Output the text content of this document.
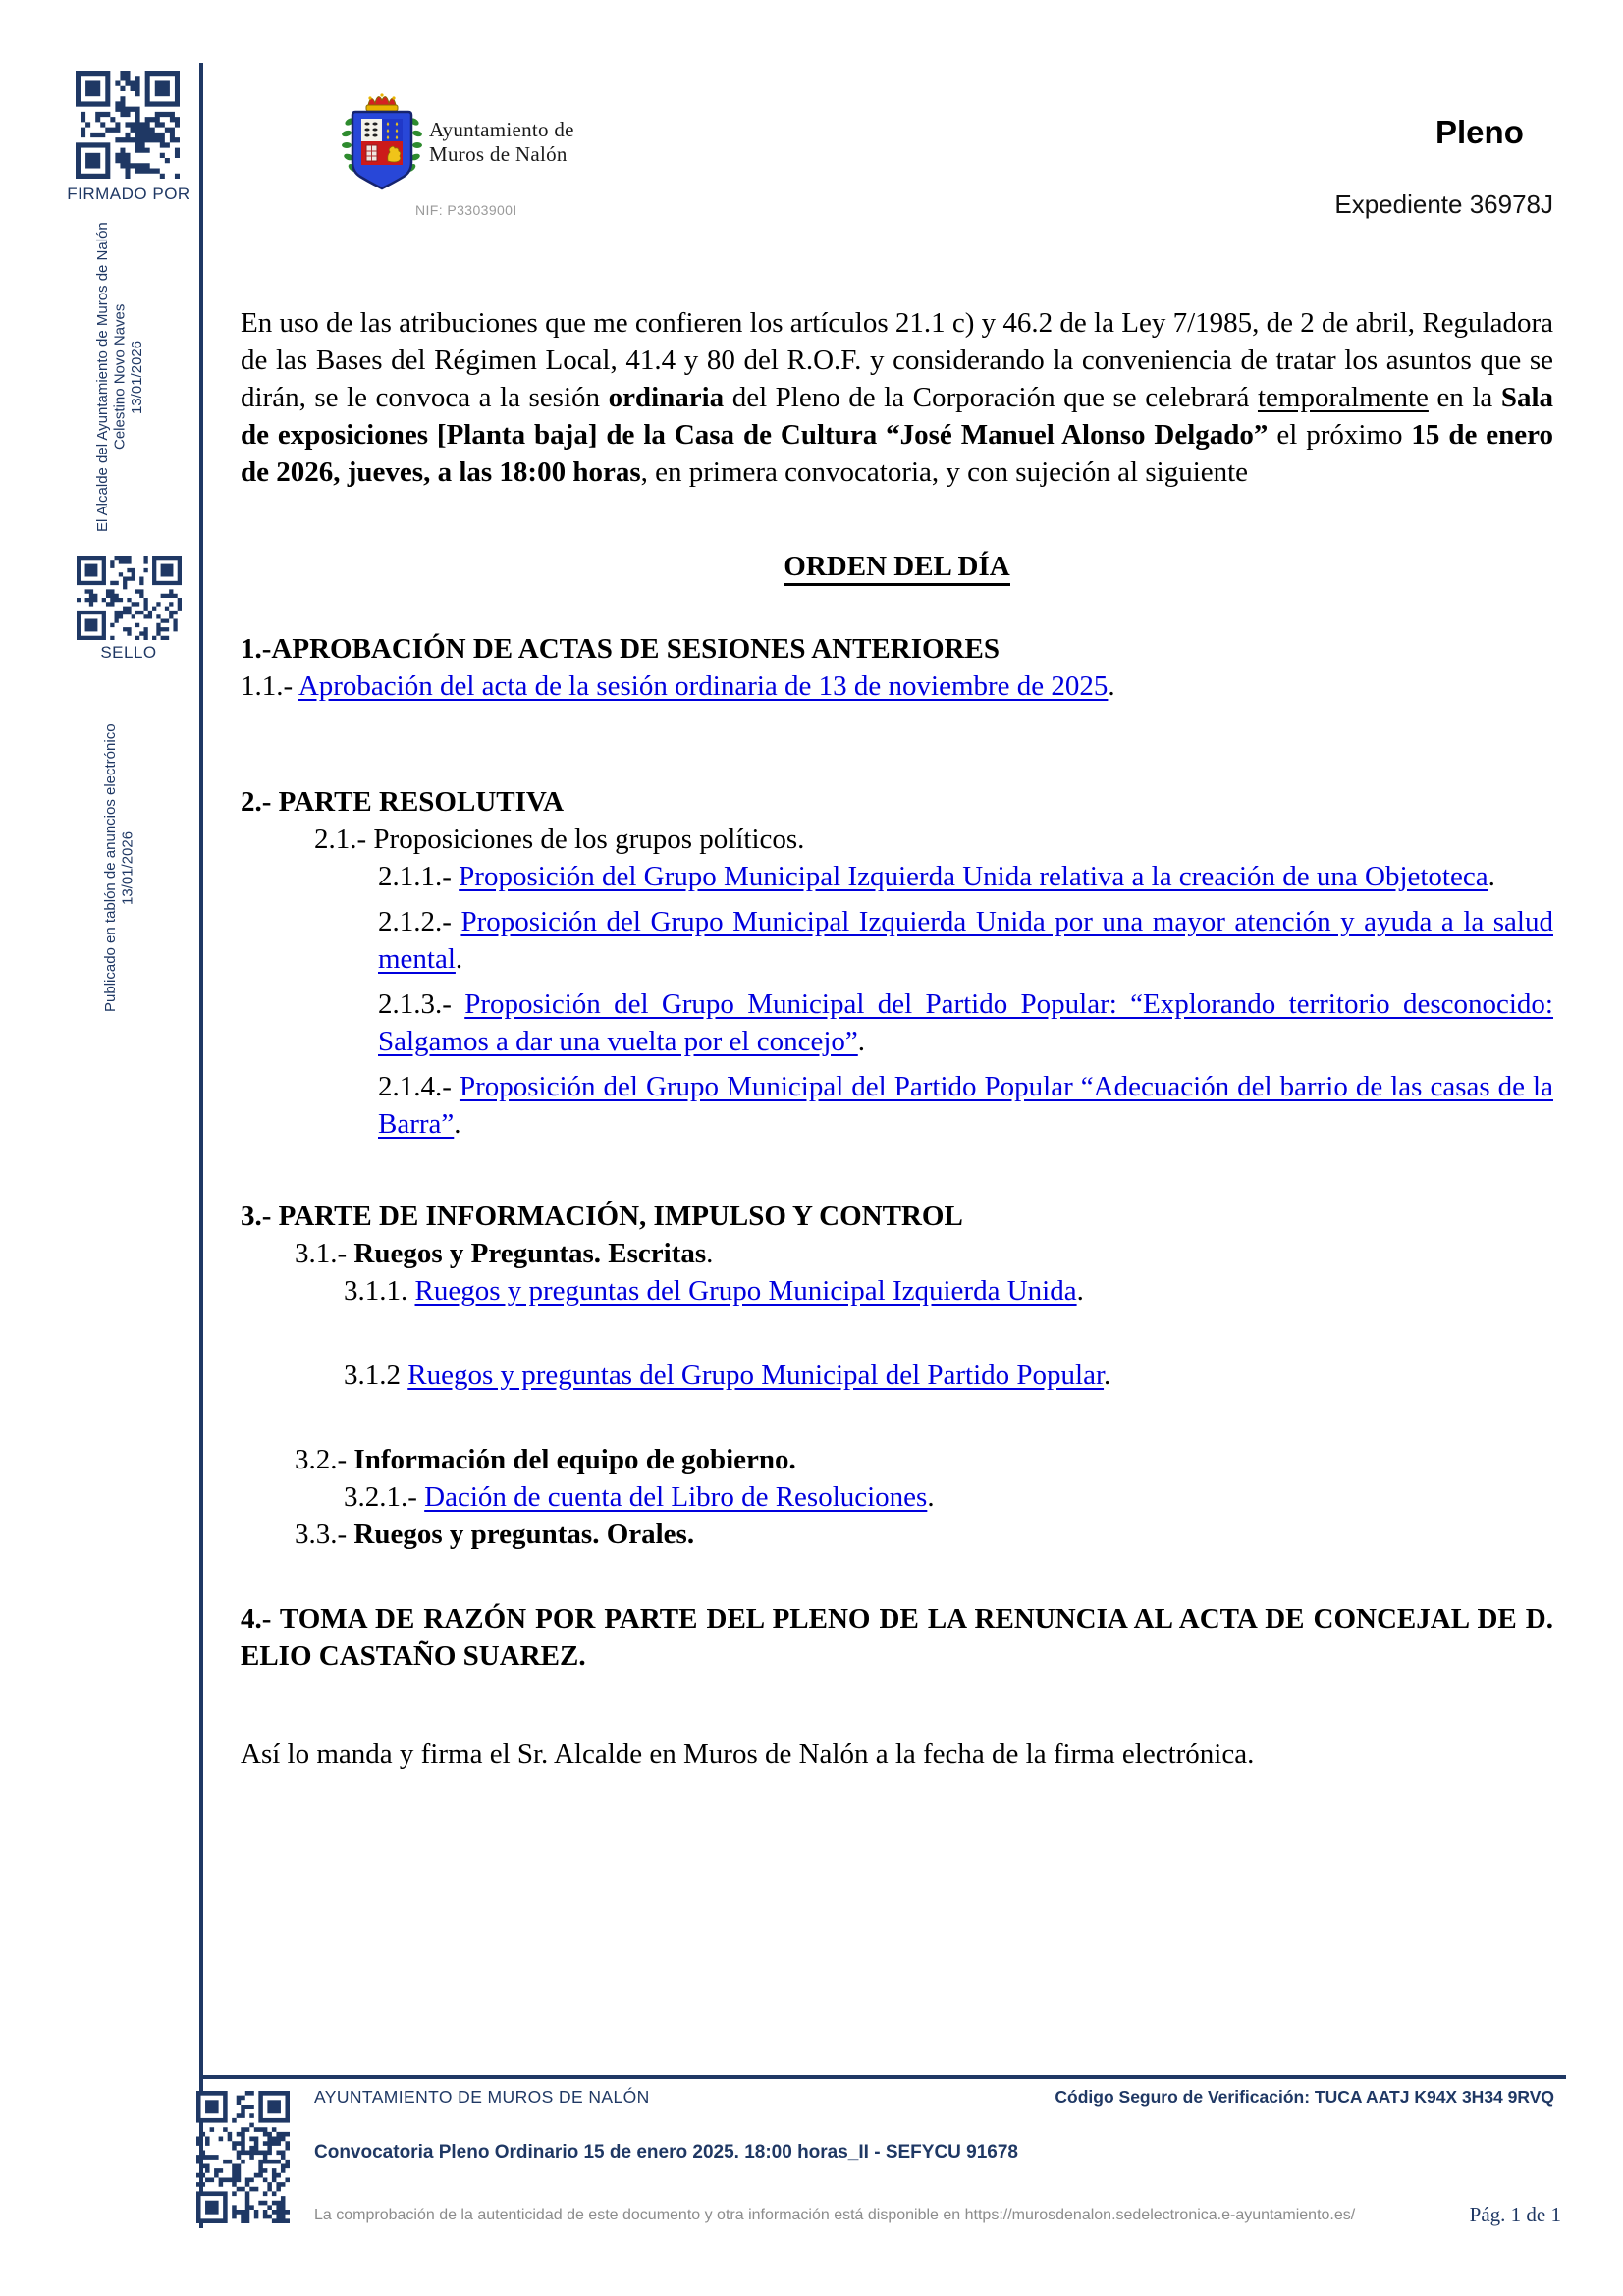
FIRMADO POR
El Alcalde del Ayuntamiento de Muros de Nalón Celestino Novo Naves 13/01/2026
SELLO
Publicado en tablón de anuncios electrónico 13/01/2026
Ayuntamiento de
Muros de Nalón
NIF: P3303900I
Pleno
Expediente 36978J

En uso de las atribuciones que me confieren los artículos 21.1 c) y 46.2 de la Ley 7/1985, de 2 de abril, Reguladora de las Bases del Régimen Local, 41.4 y 80 del R.O.F. y considerando la conveniencia de tratar los asuntos que se dirán, se le convoca a la sesión ordinaria del Pleno de la Corporación que se celebrará temporalmente en la Sala de exposiciones [Planta baja] de la Casa de Cultura “José Manuel Alonso Delgado” el próximo 15 de enero de 2026, jueves, a las 18:00 horas, en primera convocatoria, y con sujeción al siguiente

ORDEN DEL DÍA

1.-APROBACIÓN DE ACTAS DE SESIONES ANTERIORES

1.1.- Aprobación del acta de la sesión ordinaria de 13 de noviembre de 2025.

2.- PARTE RESOLUTIVA

2.1.- Proposiciones de los grupos políticos.

2.1.1.- Proposición del Grupo Municipal Izquierda Unida relativa a la creación de una Objetoteca.

2.1.2.- Proposición del Grupo Municipal Izquierda Unida por una mayor atención y ayuda a la salud mental.

2.1.3.- Proposición del Grupo Municipal del Partido Popular: “Explorando territorio desconocido: Salgamos a dar una vuelta por el concejo”.

2.1.4.- Proposición del Grupo Municipal del Partido Popular “Adecuación del barrio de las casas de la Barra”.

3.- PARTE DE INFORMACIÓN, IMPULSO Y CONTROL

3.1.- Ruegos y Preguntas. Escritas.

3.1.1. Ruegos y preguntas del Grupo Municipal Izquierda Unida.

3.1.2 Ruegos y preguntas del Grupo Municipal del Partido Popular.

3.2.- Información del equipo de gobierno.

3.2.1.- Dación de cuenta del Libro de Resoluciones.

3.3.- Ruegos y preguntas. Orales.

4.- TOMA DE RAZÓN POR PARTE DEL PLENO DE LA RENUNCIA AL ACTA DE CONCEJAL DE D. ELIO CASTAÑO SUAREZ.

Así lo manda y firma el Sr. Alcalde en Muros de Nalón a la fecha de la firma electrónica.

AYUNTAMIENTO DE MUROS DE NALÓN	Código Seguro de Verificación: TUCA AATJ K94X 3H34 9RVQ
Convocatoria Pleno Ordinario 15 de enero 2025. 18:00 horas_II - SEFYCU 91678
La comprobación de la autenticidad de este documento y otra información está disponible en https://murosdenalon.sedelectronica.e-ayuntamiento.es/	Pág. 1 de 1
